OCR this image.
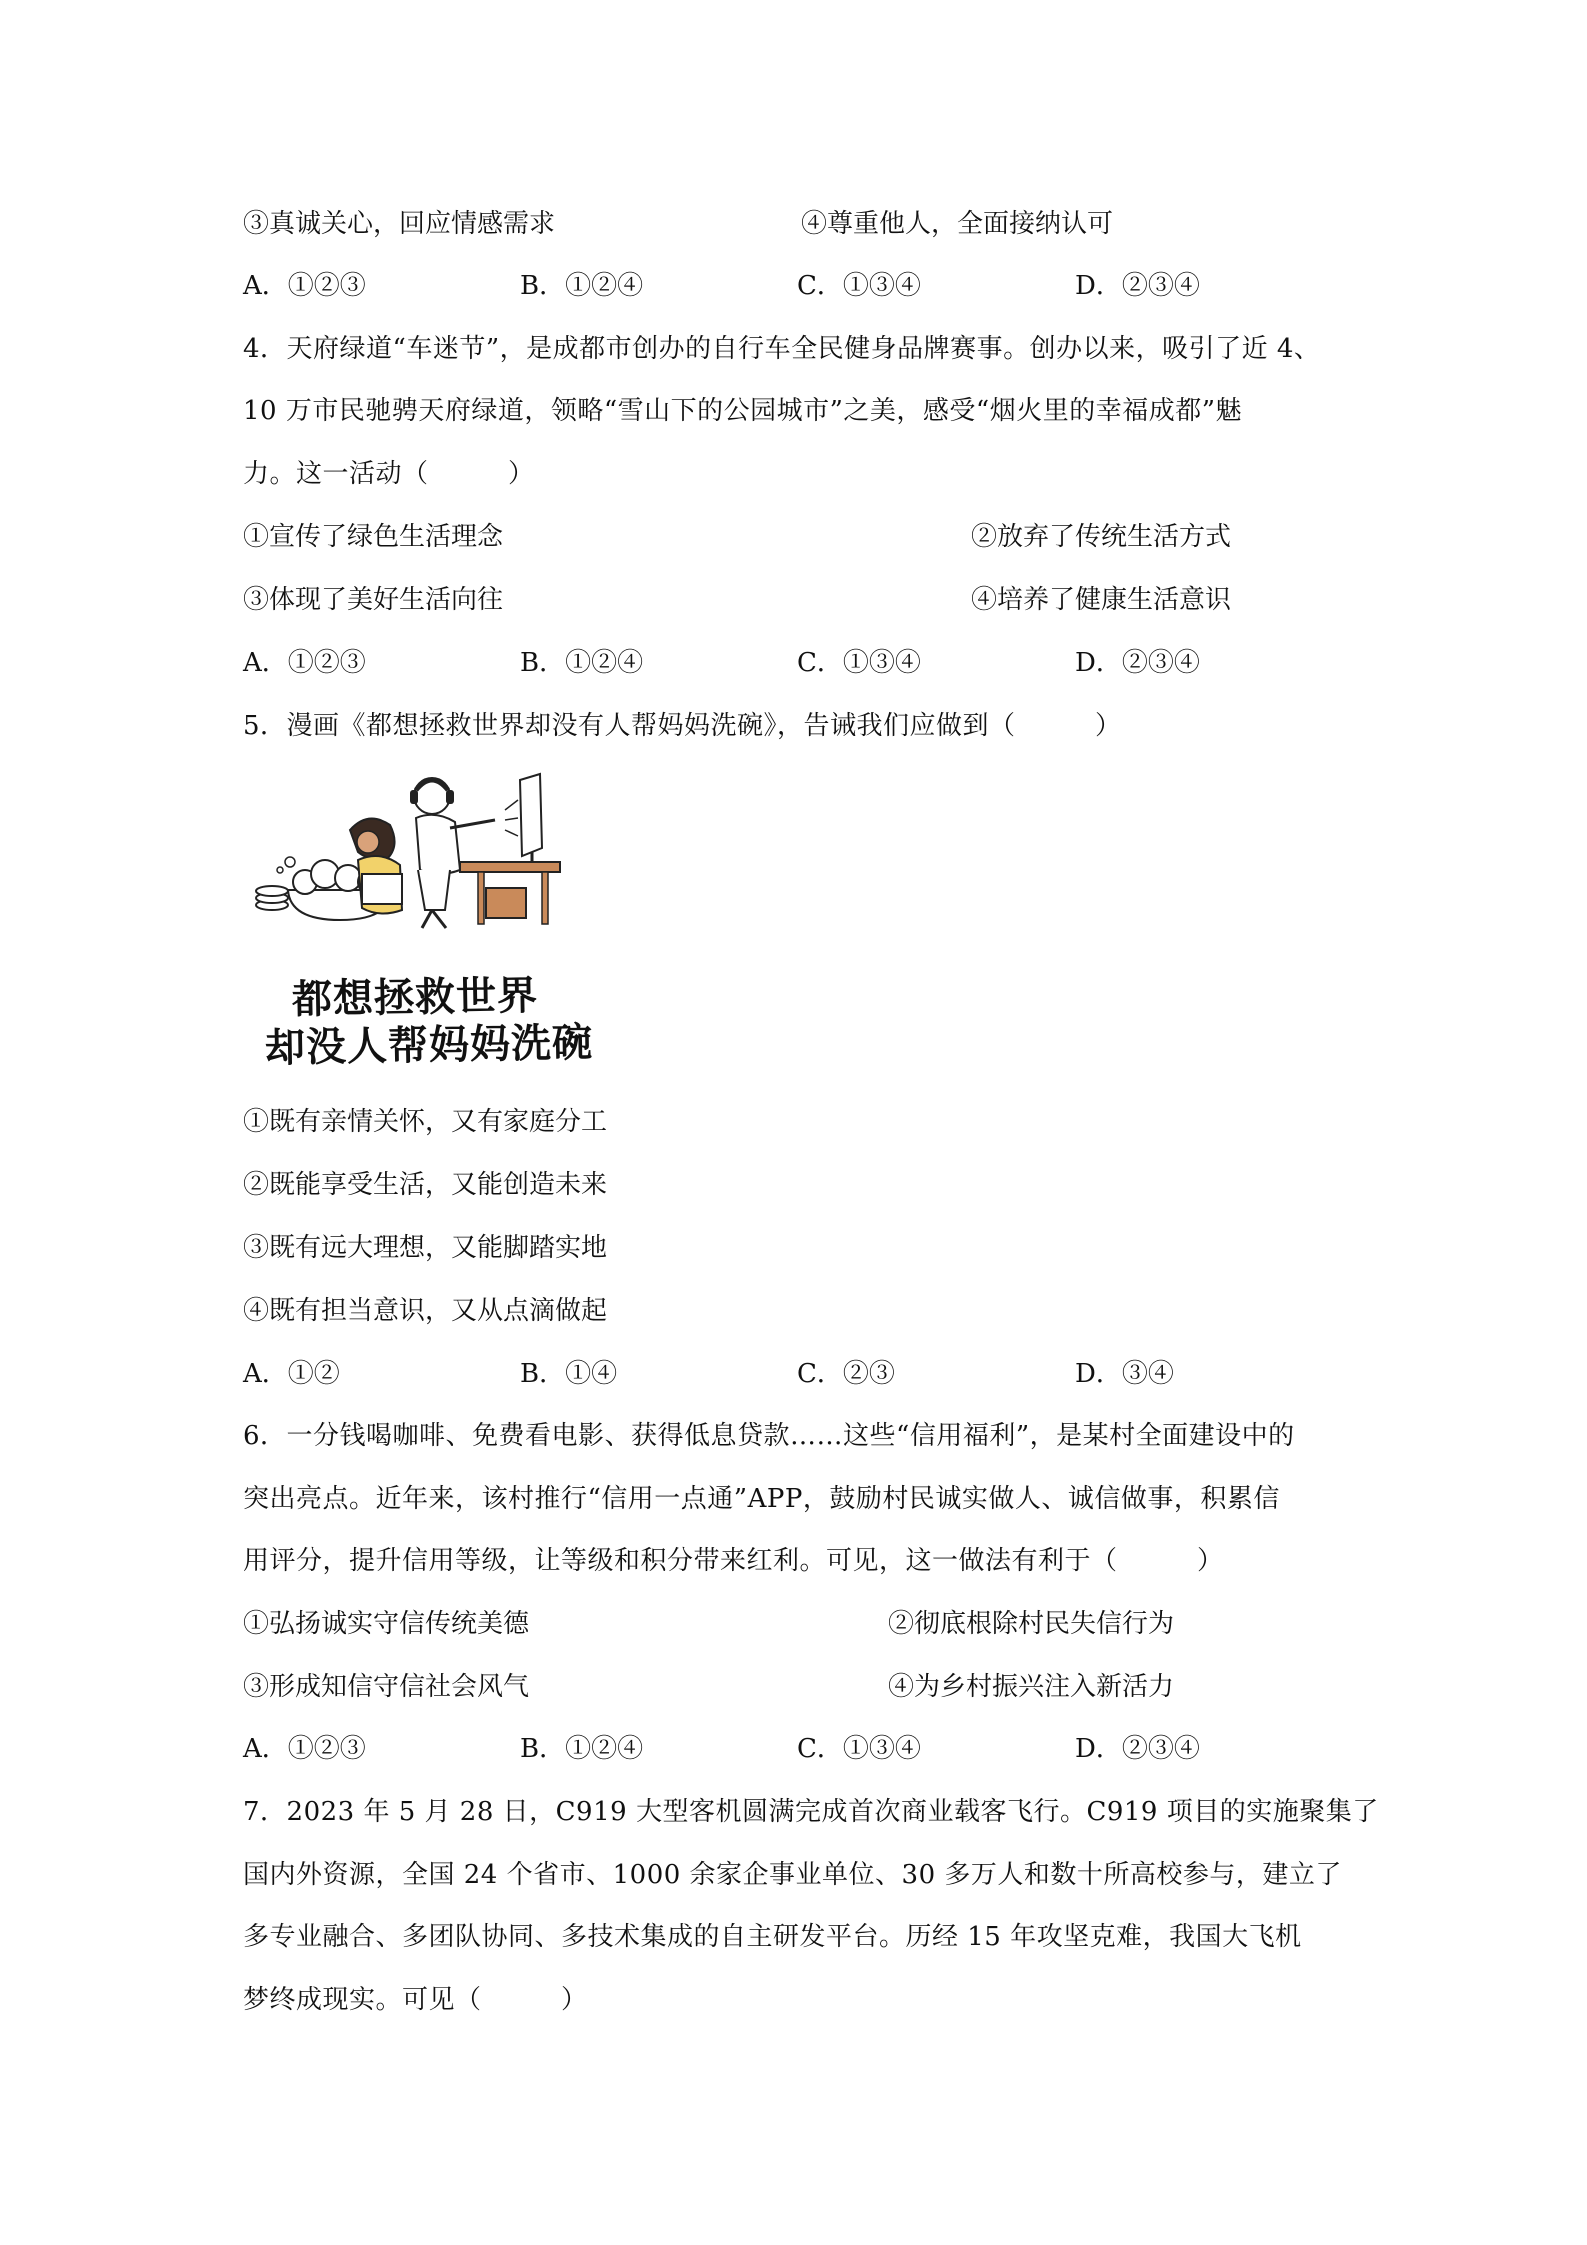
③真诚关心，回应情感需求	④尊重他人，全面接纳认可
A．①②③	B．①②④	C．①③④	D．②③④
4．天府绿道“车迷节”，是成都市创办的自行车全民健身品牌赛事。创办以来，吸引了近 4、
10 万市民驰骋天府绿道，领略“雪山下的公园城市”之美，感受“烟火里的幸福成都”魅
力。这一活动（　　　）
①宣传了绿色生活理念	②放弃了传统生活方式
③体现了美好生活向往	④培养了健康生活意识
A．①②③	B．①②④	C．①③④	D．②③④
5．漫画《都想拯救世界却没有人帮妈妈洗碗》，告诫我们应做到（　　　）
都想拯救世界
却没人帮妈妈洗碗
①既有亲情关怀，又有家庭分工
②既能享受生活，又能创造未来
③既有远大理想，又能脚踏实地
④既有担当意识，又从点滴做起
A．①②	B．①④	C．②③	D．③④
6．一分钱喝咖啡、免费看电影、获得低息贷款……这些“信用福利”，是某村全面建设中的
突出亮点。近年来，该村推行“信用一点通”APP，鼓励村民诚实做人、诚信做事，积累信
用评分，提升信用等级，让等级和积分带来红利。可见，这一做法有利于（　　　）
①弘扬诚实守信传统美德	②彻底根除村民失信行为
③形成知信守信社会风气	④为乡村振兴注入新活力
A．①②③	B．①②④	C．①③④	D．②③④
7．2023 年 5 月 28 日，C919 大型客机圆满完成首次商业载客飞行。C919 项目的实施聚集了
国内外资源，全国 24 个省市、1000 余家企事业单位、30 多万人和数十所高校参与，建立了
多专业融合、多团队协同、多技术集成的自主研发平台。历经 15 年攻坚克难，我国大飞机
梦终成现实。可见（　　　）
